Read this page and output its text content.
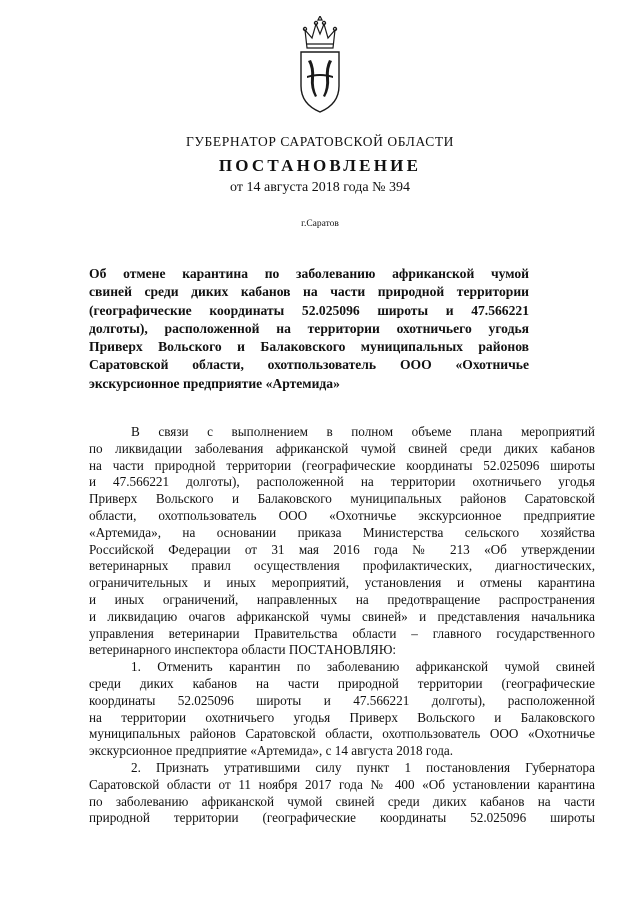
ГУБЕРНАТОР САРАТОВСКОЙ ОБЛАСТИ
ПОСТАНОВЛЕНИЕ
от 14 августа 2018 года № 394
г.Саратов
Об отмене карантина по заболеванию африканской чумой
свиней среди диких кабанов на части природной территории
(географические координаты 52.025096 широты и 47.566221
долготы), расположенной на территории охотничьего угодья
Приверх Вольского и Балаковского муниципальных районов
Саратовской области, охотпользователь ООО «Охотничье
экскурсионное предприятие «Артемида»
В связи с выполнением в полном объеме плана мероприятий
по ликвидации заболевания африканской чумой свиней среди диких кабанов
на части природной территории (географические координаты 52.025096 широты
и 47.566221 долготы), расположенной на территории охотничьего угодья
Приверх Вольского и Балаковского муниципальных районов Саратовской
области, охотпользователь ООО «Охотничье экскурсионное предприятие
«Артемида», на основании приказа Министерства сельского хозяйства
Российской Федерации от 31 мая 2016 года № 213 «Об утверждении
ветеринарных правил осуществления профилактических, диагностических,
ограничительных и иных мероприятий, установления и отмены карантина
и иных ограничений, направленных на предотвращение распространения
и ликвидацию очагов африканской чумы свиней» и представления начальника
управления ветеринарии Правительства области – главного государственного
ветеринарного инспектора области ПОСТАНОВЛЯЮ:
1. Отменить карантин по заболеванию африканской чумой свиней
среди диких кабанов на части природной территории (географические
координаты 52.025096 широты и 47.566221 долготы), расположенной
на территории охотничьего угодья Приверх Вольского и Балаковского
муниципальных районов Саратовской области, охотпользователь ООО «Охотничье
экскурсионное предприятие «Артемида», с 14 августа 2018 года.
2. Признать утратившими силу пункт 1 постановления Губернатора
Саратовской области от 11 ноября 2017 года № 400 «Об установлении карантина
по заболеванию африканской чумой свиней среди диких кабанов на части
природной территории (географические координаты 52.025096 широты
